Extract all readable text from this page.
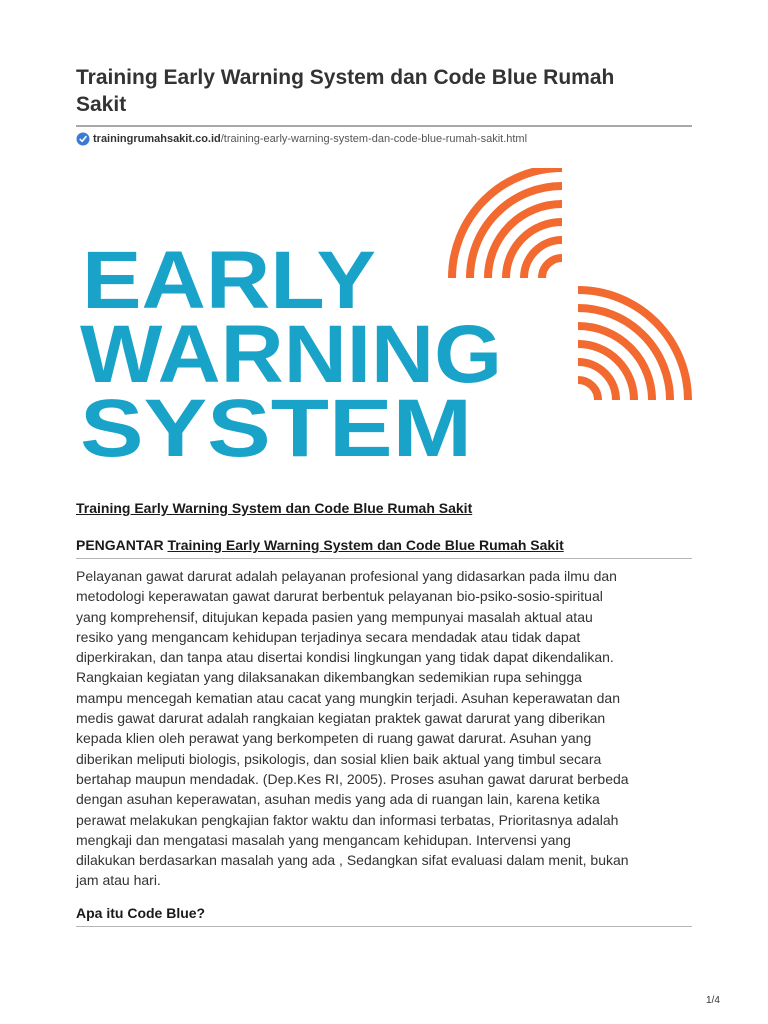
Training Early Warning System dan Code Blue Rumah
Sakit
trainingrumahsakit.co.id /training-early-warning-system-dan-code-blue-rumah-sakit.html
EARLY
WARNING
SYSTEM
Training Early Warning System dan Code Blue Rumah Sakit
PENGANTAR Training Early Warning System dan Code Blue Rumah Sakit

Pelayanan gawat darurat adalah pelayanan profesional yang didasarkan pada ilmu dan
metodologi keperawatan gawat darurat berbentuk pelayanan bio-psiko-sosio-spiritual
yang komprehensif, ditujukan kepada pasien yang mempunyai masalah aktual atau
resiko yang mengancam kehidupan terjadinya secara mendadak atau tidak dapat
diperkirakan, dan tanpa atau disertai kondisi lingkungan yang tidak dapat dikendalikan.
Rangkaian kegiatan yang dilaksanakan dikembangkan sedemikian rupa sehingga
mampu mencegah kematian atau cacat yang mungkin terjadi. Asuhan keperawatan dan
medis gawat darurat adalah rangkaian kegiatan praktek gawat darurat yang diberikan
kepada klien oleh perawat yang berkompeten di ruang gawat darurat. Asuhan yang
diberikan meliputi biologis, psikologis, dan sosial klien baik aktual yang timbul secara
bertahap maupun mendadak. (Dep.Kes RI, 2005). Proses asuhan gawat darurat berbeda
dengan asuhan keperawatan, asuhan medis yang ada di ruangan lain, karena ketika
perawat melakukan pengkajian faktor waktu dan informasi terbatas, Prioritasnya adalah
mengkaji dan mengatasi masalah yang mengancam kehidupan. Intervensi yang
dilakukan berdasarkan masalah yang ada , Sedangkan sifat evaluasi dalam menit, bukan
jam atau hari.

Apa itu Code Blue?
1/4
